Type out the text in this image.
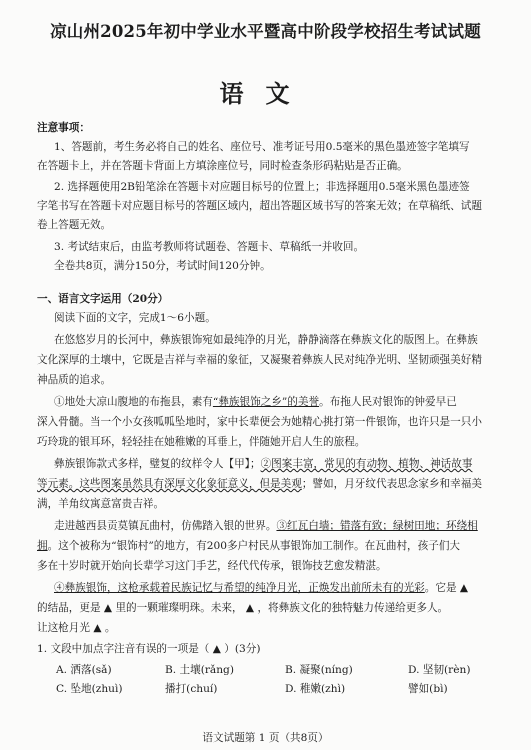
凉山州2025年初中学业水平暨高中阶段学校招生考试试题
语文
注意事项：
1、答题前，考生务必将自己的姓名、座位号、准考证号用0.5毫米的黑色墨迹签字笔填写
在答题卡上，并在答题卡背面上方填涂座位号，同时检查条形码粘贴是否正确。
2. 选择题使用2B铅笔涂在答题卡对应题目标号的位置上；非选择题用0.5毫米黑色墨迹签
字笔书写在答题卡对应题目标号的答题区域内，超出答题区域书写的答案无效；在草稿纸、试题
卷上答题无效。
3. 考试结束后，由监考教师将试题卷、答题卡、草稿纸一并收回。
全卷共8页，满分150分，考试时间120分钟。
一、语言文字运用（20分）
阅读下面的文字，完成1～6小题。
在悠悠岁月的长河中，彝族银饰宛如最纯净的月光，静静滴落在彝族文化的版图上。在彝族
文化深厚的土壤中，它既是吉祥与幸福的象征，又凝聚着彝族人民对纯净光明、坚韧顽强美好精
神品质的追求。
①地处大凉山腹地的布拖县，素有“彝族银饰之乡”的美誉。布拖人民对银饰的钟爱早已
深入骨髓。当一个小女孩呱呱坠地时，家中长辈便会为她精心挑打第一件银饰，也许只是一只小
巧玲珑的银耳环，轻轻挂在她稚嫩的耳垂上，伴随她开启人生的旅程。
彝族银饰款式多样，璧复的纹样令人【甲】；②图案丰富，常见的有动物、植物、神话故事
等元素。这些图案虽然具有深厚文化象征意义，但是美观；譬如，月牙纹代表思念家乡和幸福美
满，羊角纹寓意富贵吉祥。
走进越西县贡莫镇瓦曲村，仿佛踏入银的世界。③红瓦白墙；错落有致；绿树田地；环绕相
拥。这个被称为“银饰村”的地方，有200多户村民从事银饰加工制作。在瓦曲村，孩子们大
多在十岁时就开始向长辈学习这门手艺，经代代传承，银饰技艺愈发精湛。
④彝族银饰，这枪承载着民族记忆与希望的纯净月光，正焕发出前所未有的光彩。它是 ▲
的结晶，更是 ▲ 里的一颗璀璨明珠。未来， ▲ ，将彝族文化的独特魅力传递给更多人。
让这枪月光 ▲ 。
1. 文段中加点字注音有误的一项是（ ▲ ）(3分)
A. 洒落(sǎ)	B. 土壤(rǎng)	B. 凝聚(níng)	D. 坚韧(rèn)
C. 坠地(zhuì)	播打(chuí)	D. 稚嫩(zhì)	譬如(bì)
语文试题第 1 页（共8页）
